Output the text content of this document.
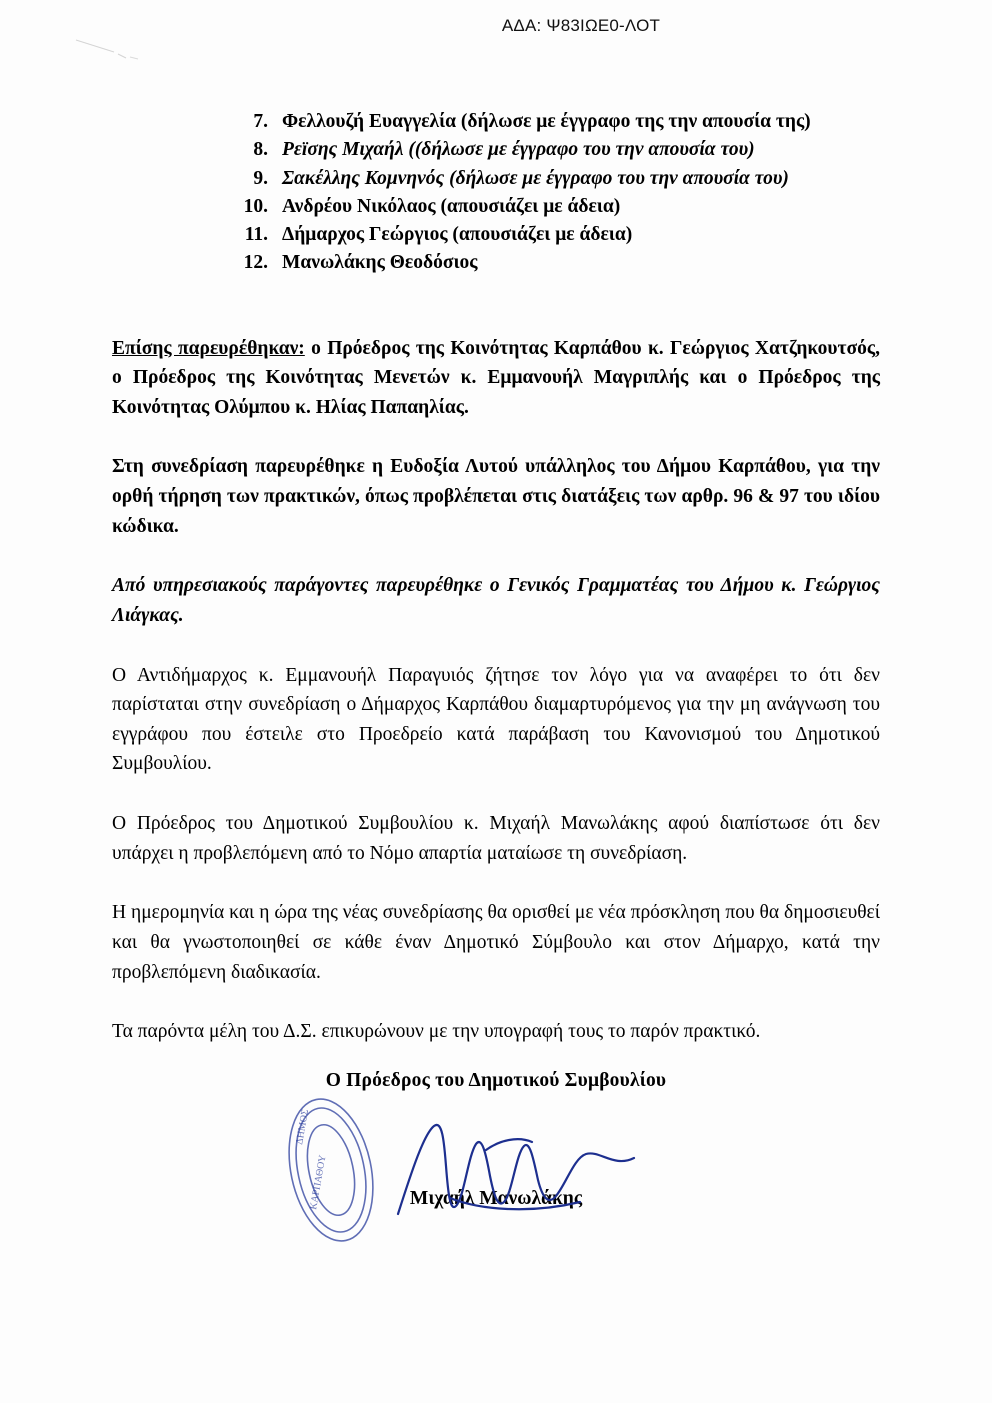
ΑΔΑ: Ψ83ΙΩΕ0-ΛΟΤ
7. Φελλουζή Ευαγγελία (δήλωσε με έγγραφο της την απουσία της)
8. Ρεϊσης Μιχαήλ ((δήλωσε με έγγραφο του την απουσία του)
9. Σακέλλης Κομνηνός (δήλωσε με έγγραφο του την απουσία του)
10. Ανδρέου Νικόλαος (απουσιάζει με άδεια)
11. Δήμαρχος Γεώργιος (απουσιάζει με άδεια)
12. Μανωλάκης Θεοδόσιος

Επίσης παρευρέθηκαν: ο Πρόεδρος της Κοινότητας Καρπάθου κ. Γεώργιος Χατζηκουτσός, ο Πρόεδρος της Κοινότητας Μενετών κ. Εμμανουήλ Μαγριπλής και ο Πρόεδρος της Κοινότητας Ολύμπου κ. Ηλίας Παπαηλίας.

Στη συνεδρίαση παρευρέθηκε η Ευδοξία Λυτού υπάλληλος του Δήμου Καρπάθου, για την ορθή τήρηση των πρακτικών, όπως προβλέπεται στις διατάξεις των αρθρ. 96 & 97 του ιδίου κώδικα.

Από υπηρεσιακούς παράγοντες παρευρέθηκε ο Γενικός Γραμματέας του Δήμου κ. Γεώργιος Λιάγκας.

Ο Αντιδήμαρχος κ. Εμμανουήλ Παραγυιός ζήτησε τον λόγο για να αναφέρει το ότι δεν παρίσταται στην συνεδρίαση ο Δήμαρχος Καρπάθου διαμαρτυρόμενος για την μη ανάγνωση του εγγράφου που έστειλε στο Προεδρείο κατά παράβαση του Κανονισμού του Δημοτικού Συμβουλίου.

Ο Πρόεδρος του Δημοτικού Συμβουλίου κ. Μιχαήλ Μανωλάκης αφού διαπίστωσε ότι δεν υπάρχει η προβλεπόμενη από το Νόμο απαρτία ματαίωσε τη συνεδρίαση.

Η ημερομηνία και η ώρα της νέας συνεδρίασης θα ορισθεί με νέα πρόσκληση που θα δημοσιευθεί και θα γνωστοποιηθεί σε κάθε έναν Δημοτικό Σύμβουλο και στον Δήμαρχο, κατά την προβλεπόμενη διαδικασία.

Τα παρόντα μέλη του Δ.Σ. επικυρώνουν με την υπογραφή τους το παρόν πρακτικό.

Ο Πρόεδρος του Δημοτικού Συμβουλίου
Μιχαήλ Μανωλάκης
ΔΗΜΟΣ
ΚΑΡΠΑΘΟΥ
